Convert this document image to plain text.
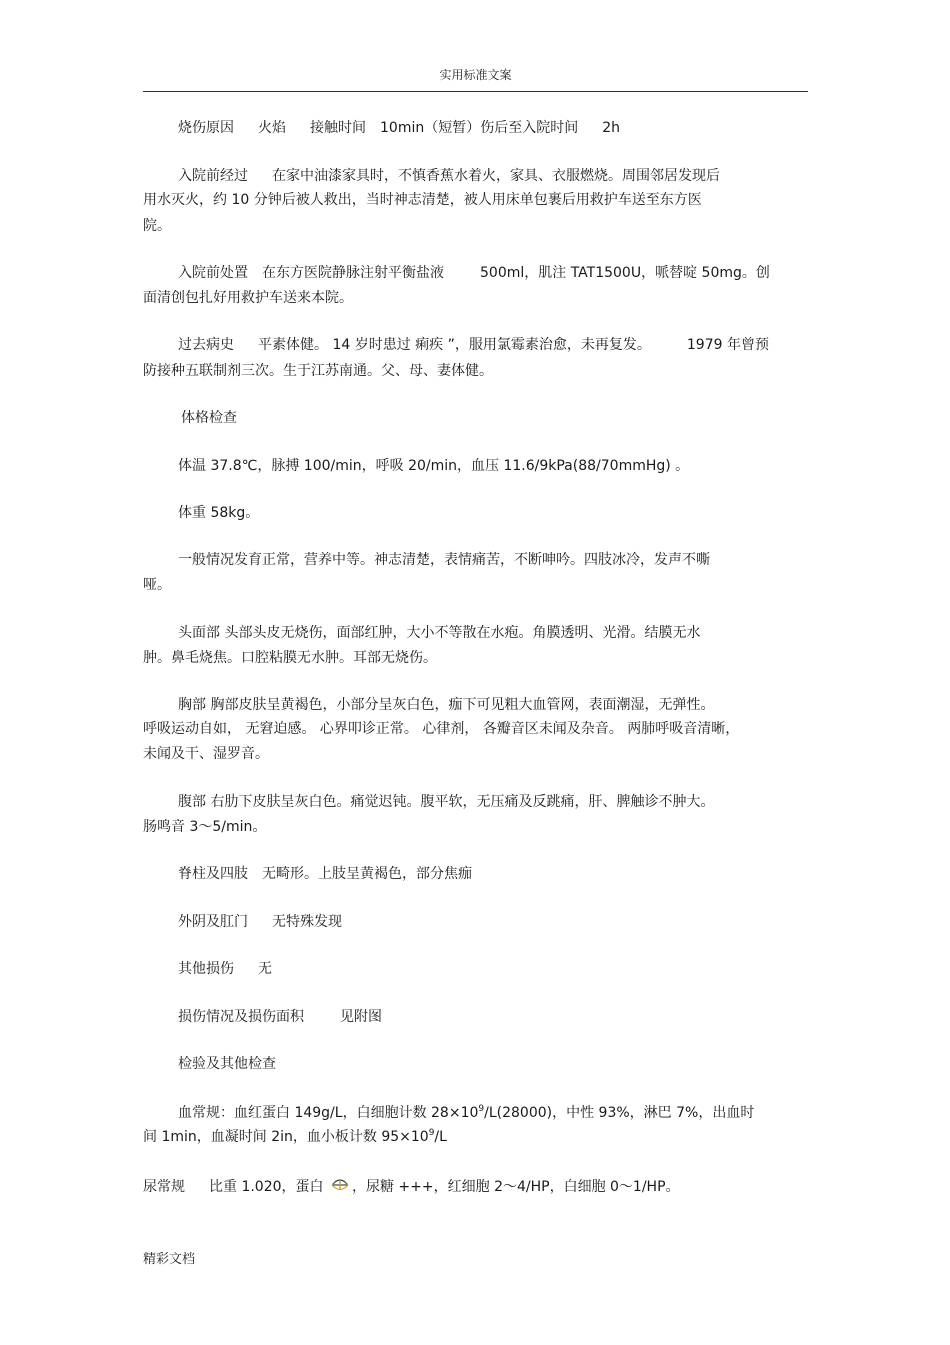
实用标准文案
烧伤原因 火焰 接触时间 10min（短暂）伤后至入院时间 2h
入院前经过 在家中油漆家具时，不慎香蕉水着火，家具、衣服燃烧。周围邻居发现后
用水灭火，约 10 分钟后被人救出，当时神志清楚，被人用床单包裹后用救护车送至东方医
院。
入院前处置 在东方医院静脉注射平衡盐液	500ml，肌注 TAT1500U，哌替啶 50mg。创
面清创包扎好用救护车送来本院。
过去病史 平素体健。 14 岁时患过 痢疾 ”，服用氯霉素治愈，未再复发。	1979 年曾预
防接种五联制剂三次。生于江苏南通。父、母、妻体健。
体格检查
体温 37.8℃，脉搏 100/min，呼吸 20/min，血压 11.6/9kPa(88/70mmHg) 。
体重 58kg。
一般情况发育正常，营养中等。神志清楚，表情痛苦，不断呻吟。四肢冰冷，发声不嘶
哑。
头面部 头部头皮无烧伤，面部红肿，大小不等散在水疱。角膜透明、光滑。结膜无水
肿。鼻毛烧焦。口腔粘膜无水肿。耳部无烧伤。
胸部 胸部皮肤呈黄褐色，小部分呈灰白色，痂下可见粗大血管网，表面潮湿，无弹性。
呼吸运动自如， 无窘迫感。 心界叩诊正常。 心律剂， 各瓣音区未闻及杂音。 两肺呼吸音清晰，
未闻及干、湿罗音。
腹部 右肋下皮肤呈灰白色。痛觉迟钝。腹平软，无压痛及反跳痛，肝、脾触诊不肿大。
肠鸣音 3～5/min。
脊柱及四肢 无畸形。上肢呈黄褐色，部分焦痂
外阴及肛门 无特殊发现
其他损伤 无
损伤情况及损伤面积	见附图
检验及其他检查
血常规：血红蛋白 149g/L，白细胞计数 $28\times 10^9/L(28000)$，中性 93%，淋巴 7%，出血时
间 1min，血凝时间 2in，血小板计数 $95\times 10^9/L$
尿常规 比重 1.020，蛋白 ，尿糖 +++，红细胞 2～4/HP，白细胞 0～1/HP。
精彩文档
